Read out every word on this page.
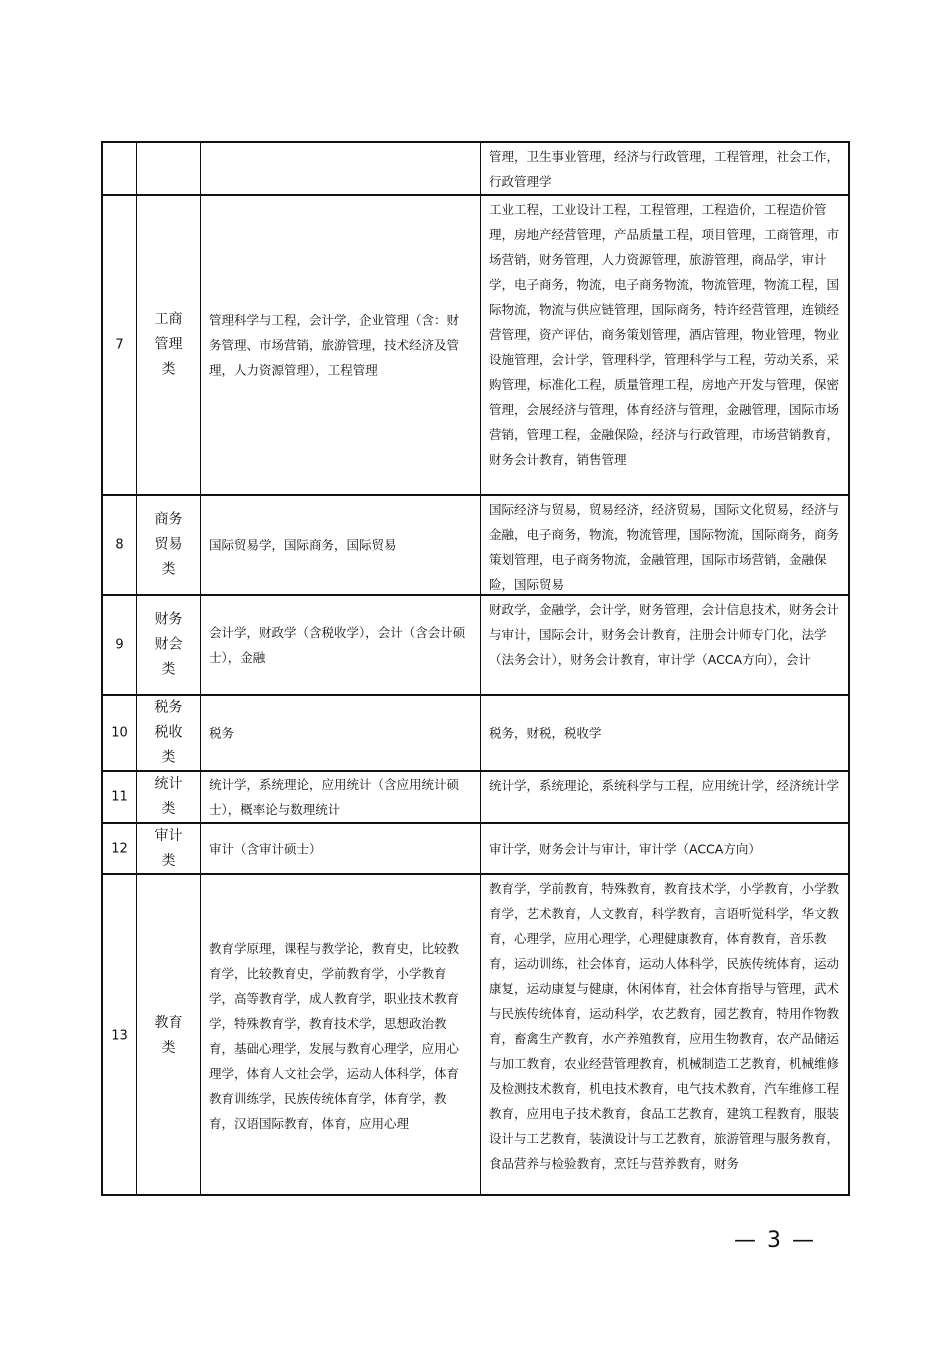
管理，卫生事业管理，经济与行政管理，工程管理，社会工作，行政管理学
7
工商管理类
管理科学与工程，会计学，企业管理（含：财务管理、市场营销，旅游管理，技术经济及管理，人力资源管理），工程管理
工业工程，工业设计工程，工程管理，工程造价，工程造价管理，房地产经营管理，产品质量工程，项目管理，工商管理，市场营销，财务管理，人力资源管理，旅游管理，商品学，审计学，电子商务，物流，电子商务物流，物流管理，物流工程，国际物流，物流与供应链管理，国际商务，特许经营管理，连锁经营管理，资产评估，商务策划管理，酒店管理，物业管理，物业设施管理，会计学，管理科学，管理科学与工程，劳动关系，采购管理，标准化工程，质量管理工程，房地产开发与管理，保密管理，会展经济与管理，体育经济与管理，金融管理，国际市场营销，管理工程，金融保险，经济与行政管理，市场营销教育，财务会计教育，销售管理
8
商务贸易类
国际贸易学，国际商务，国际贸易
国际经济与贸易，贸易经济，经济贸易，国际文化贸易，经济与金融，电子商务，物流，物流管理，国际物流，国际商务，商务策划管理，电子商务物流，金融管理，国际市场营销，金融保险，国际贸易
9
财务财会类
会计学，财政学（含税收学），会计（含会计硕士），金融
财政学，金融学，会计学，财务管理，会计信息技术，财务会计与审计，国际会计，财务会计教育，注册会计师专门化，法学（法务会计），财务会计教育，审计学（ACCA方向），会计
10
税务税收类
税务	税务，财税，税收学
11
统计类
统计学，系统理论，应用统计（含应用统计硕士），概率论与数理统计
统计学，系统理论，系统科学与工程，应用统计学，经济统计学
12
审计类
审计（含审计硕士）	审计学，财务会计与审计，审计学（ACCA方向）
13
教育类
教育学原理，课程与教学论，教育史，比较教育学，比较教育史，学前教育学，小学教育学，高等教育学，成人教育学，职业技术教育学，特殊教育学，教育技术学，思想政治教育，基础心理学，发展与教育心理学，应用心理学，体育人文社会学，运动人体科学，体育教育训练学，民族传统体育学，体育学，教育，汉语国际教育，体育，应用心理
教育学，学前教育，特殊教育，教育技术学，小学教育，小学教育学，艺术教育，人文教育，科学教育，言语听觉科学，华文教育，心理学，应用心理学，心理健康教育，体育教育，音乐教育，运动训练，社会体育，运动人体科学，民族传统体育，运动康复，运动康复与健康，休闲体育，社会体育指导与管理，武术与民族传统体育，运动科学，农艺教育，园艺教育，特用作物教育，畜禽生产教育，水产养殖教育，应用生物教育，农产品储运与加工教育，农业经营管理教育，机械制造工艺教育，机械维修及检测技术教育，机电技术教育，电气技术教育，汽车维修工程教育，应用电子技术教育，食品工艺教育，建筑工程教育，服装设计与工艺教育，装潢设计与工艺教育，旅游管理与服务教育，食品营养与检验教育，烹饪与营养教育，财务
— 3 —
